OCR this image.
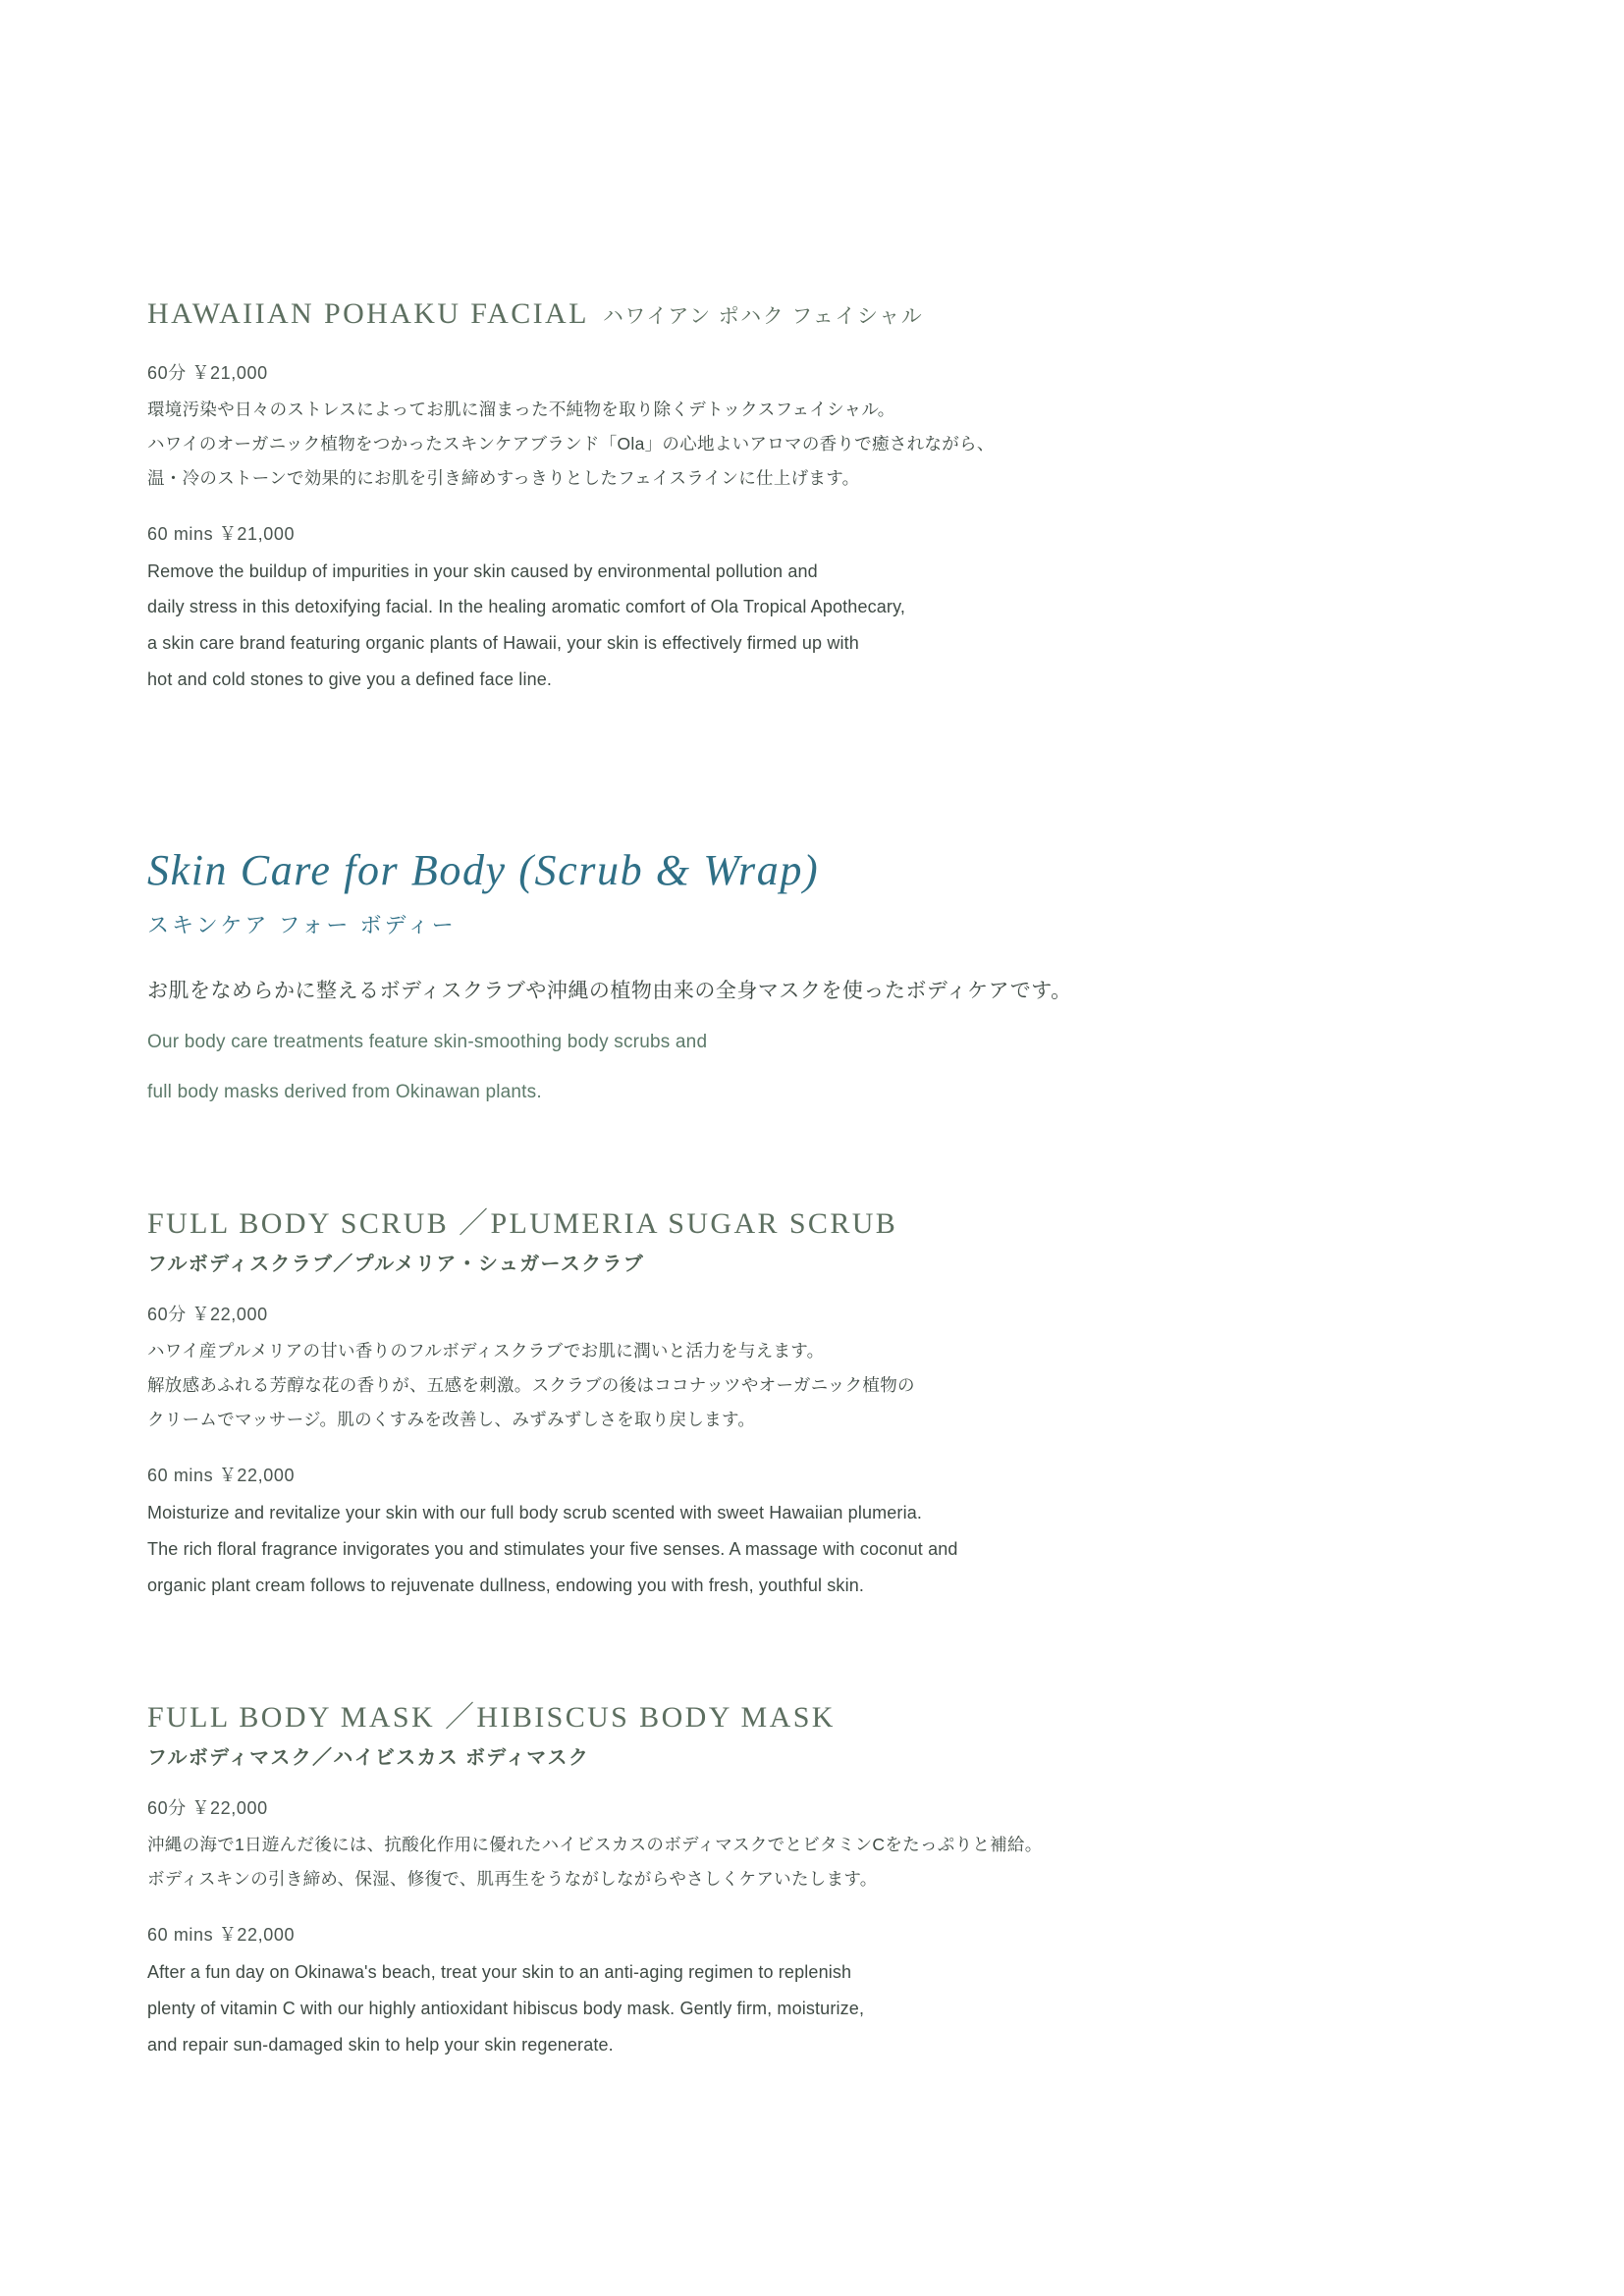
HAWAIIAN POHAKU FACIAL ハワイアン ポハク フェイシャル

60分 ￥21,000

環境汚染や日々のストレスによってお肌に溜まった不純物を取り除くデトックスフェイシャル。

ハワイのオーガニック植物をつかったスキンケアブランド「Ola」の心地よいアロマの香りで癒されながら、

温・冷のストーンで効果的にお肌を引き締めすっきりとしたフェイスラインに仕上げます。

60 mins ￥21,000

Remove the buildup of impurities in your skin caused by environmental pollution and

daily stress in this detoxifying facial. In the healing aromatic comfort of Ola Tropical Apothecary,

a skin care brand featuring organic plants of Hawaii, your skin is effectively firmed up with

hot and cold stones to give you a defined face line.

Skin Care for Body (Scrub & Wrap)

スキンケア フォー ボディー

お肌をなめらかに整えるボディスクラブや沖縄の植物由来の全身マスクを使ったボディケアです。

Our body care treatments feature skin-smoothing body scrubs and

full body masks derived from Okinawan plants.

FULL BODY SCRUB ／PLUMERIA SUGAR SCRUB

フルボディスクラブ／プルメリア・シュガースクラブ

60分 ￥22,000

ハワイ産プルメリアの甘い香りのフルボディスクラブでお肌に潤いと活力を与えます。

解放感あふれる芳醇な花の香りが、五感を刺激。スクラブの後はココナッツやオーガニック植物の

クリームでマッサージ。肌のくすみを改善し、みずみずしさを取り戻します。

60 mins ￥22,000

Moisturize and revitalize your skin with our full body scrub scented with sweet Hawaiian plumeria.

The rich floral fragrance invigorates you and stimulates your five senses. A massage with coconut and

organic plant cream follows to rejuvenate dullness, endowing you with fresh, youthful skin.

FULL BODY MASK ／HIBISCUS BODY MASK

フルボディマスク／ハイビスカス ボディマスク

60分 ￥22,000

沖縄の海で1日遊んだ後には、抗酸化作用に優れたハイビスカスのボディマスクでとビタミンCをたっぷりと補給。

ボディスキンの引き締め、保湿、修復で、肌再生をうながしながらやさしくケアいたします。

60 mins ￥22,000

After a fun day on Okinawa's beach, treat your skin to an anti-aging regimen to replenish

plenty of vitamin C with our highly antioxidant hibiscus body mask. Gently firm, moisturize,

and repair sun-damaged skin to help your skin regenerate.
